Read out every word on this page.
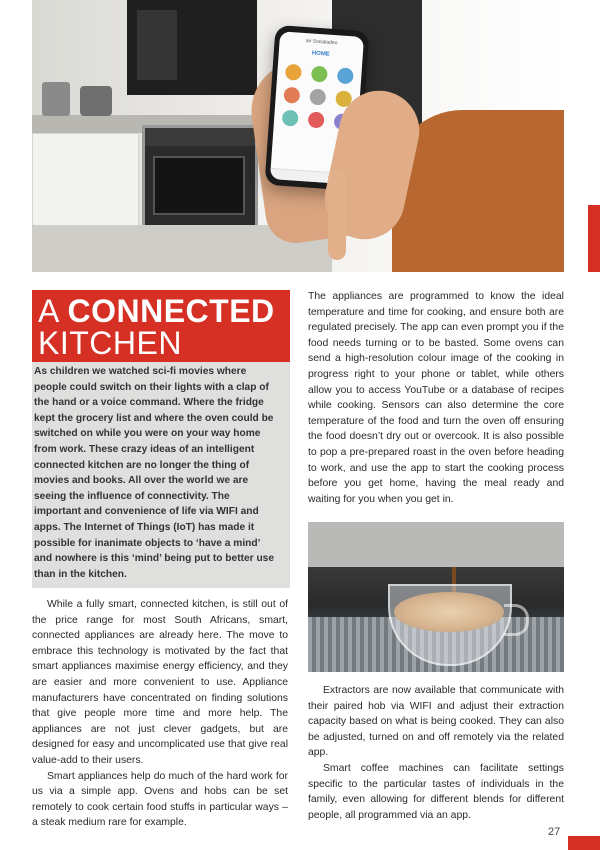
air Socialadeo
HOME
A CONNECTED
KITCHEN
As children we watched sci-fi movies where people could switch on their lights with a clap of the hand or a voice command. Where the fridge kept the grocery list and where the oven could be switched on while you were on your way home from work. These crazy ideas of an intelligent connected kitchen are no longer the thing of movies and books. All over the world we are seeing the influence of connectivity. The important and convenience of life via WIFI and apps. The Internet of Things (IoT) has made it possible for inanimate objects to ‘have a mind’ and nowhere is this ‘mind’ being put to better use than in the kitchen.

While a fully smart, connected kitchen, is still out of the price range for most South Africans, smart, connected appliances are already here. The move to embrace this technology is motivated by the fact that smart appliances maximise energy efficiency, and they are easier and more convenient to use. Appliance manufacturers have concentrated on finding solutions that give people more time and more help. The appliances are not just clever gadgets, but are designed for easy and uncomplicated use that give real value-add to their users.

Smart appliances help do much of the hard work for us via a simple app. Ovens and hobs can be set remotely to cook certain food stuffs in particular ways – a steak medium rare for example.

The appliances are programmed to know the ideal temperature and time for cooking, and ensure both are regulated precisely. The app can even prompt you if the food needs turning or to be basted. Some ovens can send a high-resolution colour image of the cooking in progress right to your phone or tablet, while others allow you to access YouTube or a database of recipes while cooking. Sensors can also determine the core temperature of the food and turn the oven off ensuring the food doesn’t dry out or overcook. It is also possible to pop a pre-prepared roast in the oven before heading to work, and use the app to start the cooking process before you get home, having the meal ready and waiting for you when you get in.

Extractors are now available that communicate with their paired hob via WIFI and adjust their extraction capacity based on what is being cooked. They can also be adjusted, turned on and off remotely via the related app.

Smart coffee machines can facilitate settings specific to the particular tastes of individuals in the family, even allowing for different blends for different people, all programmed via an app.

27
